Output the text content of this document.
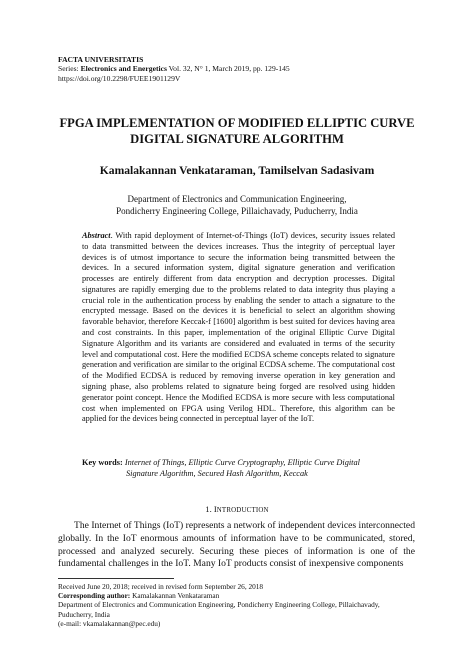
FACTA UNIVERSITATIS
Series: Electronics and Energetics Vol. 32, N° 1, March 2019, pp. 129-145
https://doi.org/10.2298/FUEE1901129V
FPGA IMPLEMENTATION OF MODIFIED ELLIPTIC CURVE
DIGITAL SIGNATURE ALGORITHM
Kamalakannan Venkataraman, Tamilselvan Sadasivam
Department of Electronics and Communication Engineering,
Pondicherry Engineering College, Pillaichavady, Puducherry, India
Abstract. With rapid deployment of Internet-of-Things (IoT) devices, security issues related to data transmitted between the devices increases. Thus the integrity of perceptual layer devices is of utmost importance to secure the information being transmitted between the devices. In a secured information system, digital signature generation and verification processes are entirely different from data encryption and decryption processes. Digital signatures are rapidly emerging due to the problems related to data integrity thus playing a crucial role in the authentication process by enabling the sender to attach a signature to the encrypted message. Based on the devices it is beneficial to select an algorithm showing favorable behavior, therefore Keccak-f [1600] algorithm is best suited for devices having area and cost constraints. In this paper, implementation of the original Elliptic Curve Digital Signature Algorithm and its variants are considered and evaluated in terms of the security level and computational cost. Here the modified ECDSA scheme concepts related to signature generation and verification are similar to the original ECDSA scheme. The computational cost of the Modified ECDSA is reduced by removing inverse operation in key generation and signing phase, also problems related to signature being forged are resolved using hidden generator point concept. Hence the Modified ECDSA is more secure with less computational cost when implemented on FPGA using Verilog HDL. Therefore, this algorithm can be applied for the devices being connected in perceptual layer of the IoT.
Key words: Internet of Things, Elliptic Curve Cryptography, Elliptic Curve Digital
Signature Algorithm, Secured Hash Algorithm, Keccak
1. INTRODUCTION
The Internet of Things (IoT) represents a network of independent devices interconnected globally. In the IoT enormous amounts of information have to be communicated, stored, processed and analyzed securely. Securing these pieces of information is one of the fundamental challenges in the IoT. Many IoT products consist of inexpensive components
Received June 20, 2018; received in revised form September 26, 2018
Corresponding author: Kamalakannan Venkataraman
Department of Electronics and Communication Engineering, Pondicherry Engineering College, Pillaichavady, Puducherry, India
(e-mail: vkamalakannan@pec.edu)
